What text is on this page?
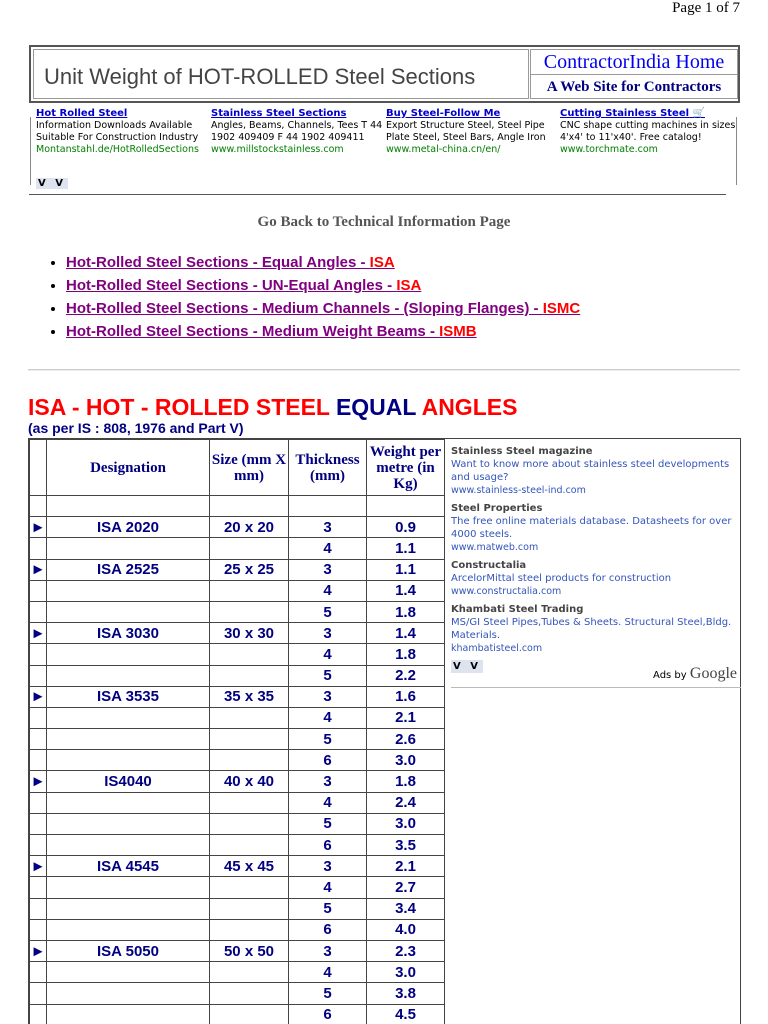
Page 1 of 7
Unit Weight of HOT-ROLLED Steel Sections
ContractorIndia Home
A Web Site for Contractors
Hot Rolled Steel
Information Downloads Available Suitable For Construction Industry
Montanstahl.de/HotRolledSections
Stainless Steel Sections
Angles, Beams, Channels, Tees T 44 1902 409409 F 44 1902 409411
www.millstockstainless.com
Buy Steel-Follow Me
Export Structure Steel, Steel Pipe Plate Steel, Steel Bars, Angle Iron
www.metal-china.cn/en/
Cutting Stainless Steel 🛒
CNC shape cutting machines in sizes 4'x4' to 11'x40'. Free catalog!
www.torchmate.com
V V
Go Back to Technical Information Page
• Hot-Rolled Steel Sections - Equal Angles - ISA
• Hot-Rolled Steel Sections - UN-Equal Angles - ISA
• Hot-Rolled Steel Sections - Medium Channels - (Sloping Flanges) - ISMC
• Hot-Rolled Steel Sections - Medium Weight Beams - ISMB
ISA - HOT - ROLLED STEEL EQUAL ANGLES
(as per IS : 808, 1976 and Part V)
	Designation	Size (mm X mm)	Thickness (mm)	Weight per metre (in Kg)

►	ISA 2020	20 x 20	3	0.9
			4	1.1
►	ISA 2525	25 x 25	3	1.1
			4	1.4
			5	1.8
►	ISA 3030	30 x 30	3	1.4
			4	1.8
			5	2.2
►	ISA 3535	35 x 35	3	1.6
			4	2.1
			5	2.6
			6	3.0
►	IS4040	40 x 40	3	1.8
			4	2.4
			5	3.0
			6	3.5
►	ISA 4545	45 x 45	3	2.1
			4	2.7
			5	3.4
			6	4.0
►	ISA 5050	50 x 50	3	2.3
			4	3.0
			5	3.8
			6	4.5
Stainless Steel magazine
Want to know more about stainless steel developments and usage?
www.stainless-steel-ind.com
Steel Properties
The free online materials database. Datasheets for over 4000 steels.
www.matweb.com
Constructalia
ArcelorMittal steel products for construction
www.constructalia.com
Khambati Steel Trading
MS/GI Steel Pipes,Tubes & Sheets. Structural Steel,Bldg. Materials.
khambatisteel.com
V V
Ads by Google
